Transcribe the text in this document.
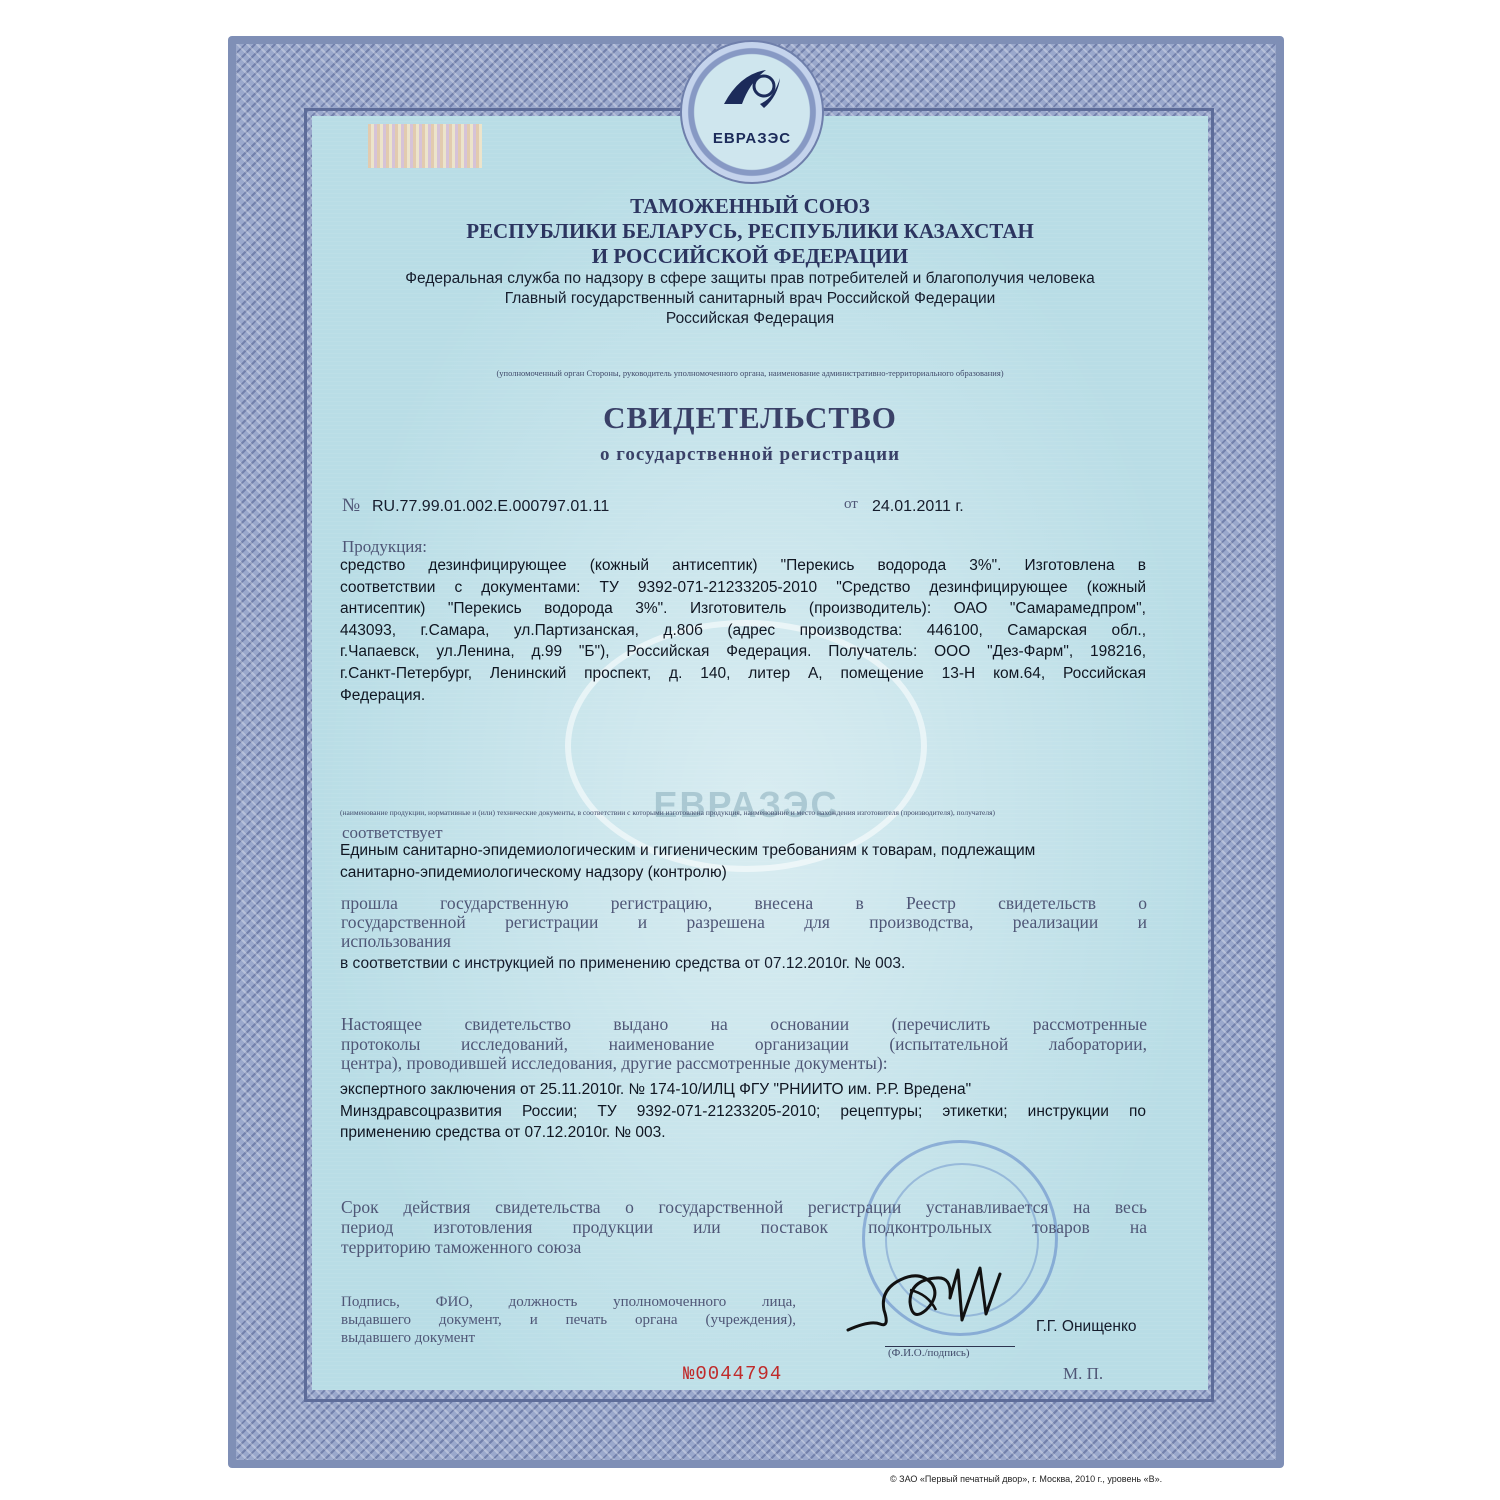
ЕВРАЗЭС
ЕВРАЗЭС
ТАМОЖЕННЫЙ СОЮЗ
РЕСПУБЛИКИ БЕЛАРУСЬ, РЕСПУБЛИКИ КАЗАХСТАН
И РОССИЙСКОЙ ФЕДЕРАЦИИ
Федеральная служба по надзору в сфере защиты прав потребителей и благополучия человека
Главный государственный санитарный врач Российской Федерации
Российская Федерация
(уполномоченный орган Стороны, руководитель уполномоченного органа, наименование административно-территориального образования)
СВИДЕТЕЛЬСТВО
о государственной регистрации
№ RU.77.99.01.002.E.000797.01.11	от 24.01.2011 г.
Продукция:
средство дезинфицирующее (кожный антисептик) "Перекись водорода 3%". Изготовлена в
соответствии с документами: ТУ 9392-071-21233205-2010 "Средство дезинфицирующее (кожный
антисептик) "Перекись водорода 3%". Изготовитель (производитель): ОАО "Самарамедпром",
443093, г.Самара, ул.Партизанская, д.80б (адрес производства: 446100, Самарская обл.,
г.Чапаевск, ул.Ленина, д.99 "Б"), Российская Федерация. Получатель: ООО "Дез-Фарм", 198216,
г.Санкт-Петербург, Ленинский проспект, д. 140, литер А, помещение 13-Н ком.64, Российская
Федерация.
(наименование продукции, нормативные и (или) технические документы, в соответствии с которыми изготовлена продукция, наименование и место нахождения изготовителя (производителя), получателя)
соответствует
Единым санитарно-эпидемиологическим и гигиеническим требованиям к товарам, подлежащим
санитарно-эпидемиологическому надзору (контролю)
прошла государственную регистрацию, внесена в Реестр свидетельств о
государственной регистрации и разрешена для производства, реализации и
использования
в соответствии с инструкцией по применению средства от 07.12.2010г. № 003.
Настоящее свидетельство выдано на основании (перечислить рассмотренные
протоколы исследований, наименование организации (испытательной лаборатории,
центра), проводившей исследования, другие рассмотренные документы):
экспертного заключения от 25.11.2010г. № 174-10/ИЛЦ ФГУ "РНИИТО им. Р.Р. Вредена"
Минздравсоцразвития России; ТУ 9392-071-21233205-2010; рецептуры; этикетки; инструкции по
применению средства от 07.12.2010г. № 003.
Срок действия свидетельства о государственной регистрации устанавливается на весь
период изготовления продукции или поставок подконтрольных товаров на
территорию таможенного союза
Подпись, ФИО, должность уполномоченного лица,
выдавшего документ, и печать органа (учреждения),
выдавшего документ
Г.Г. Онищенко
(Ф.И.О./подпись)
М. П.
№0044794
© ЗАО «Первый печатный двор», г. Москва, 2010 г., уровень «В».
